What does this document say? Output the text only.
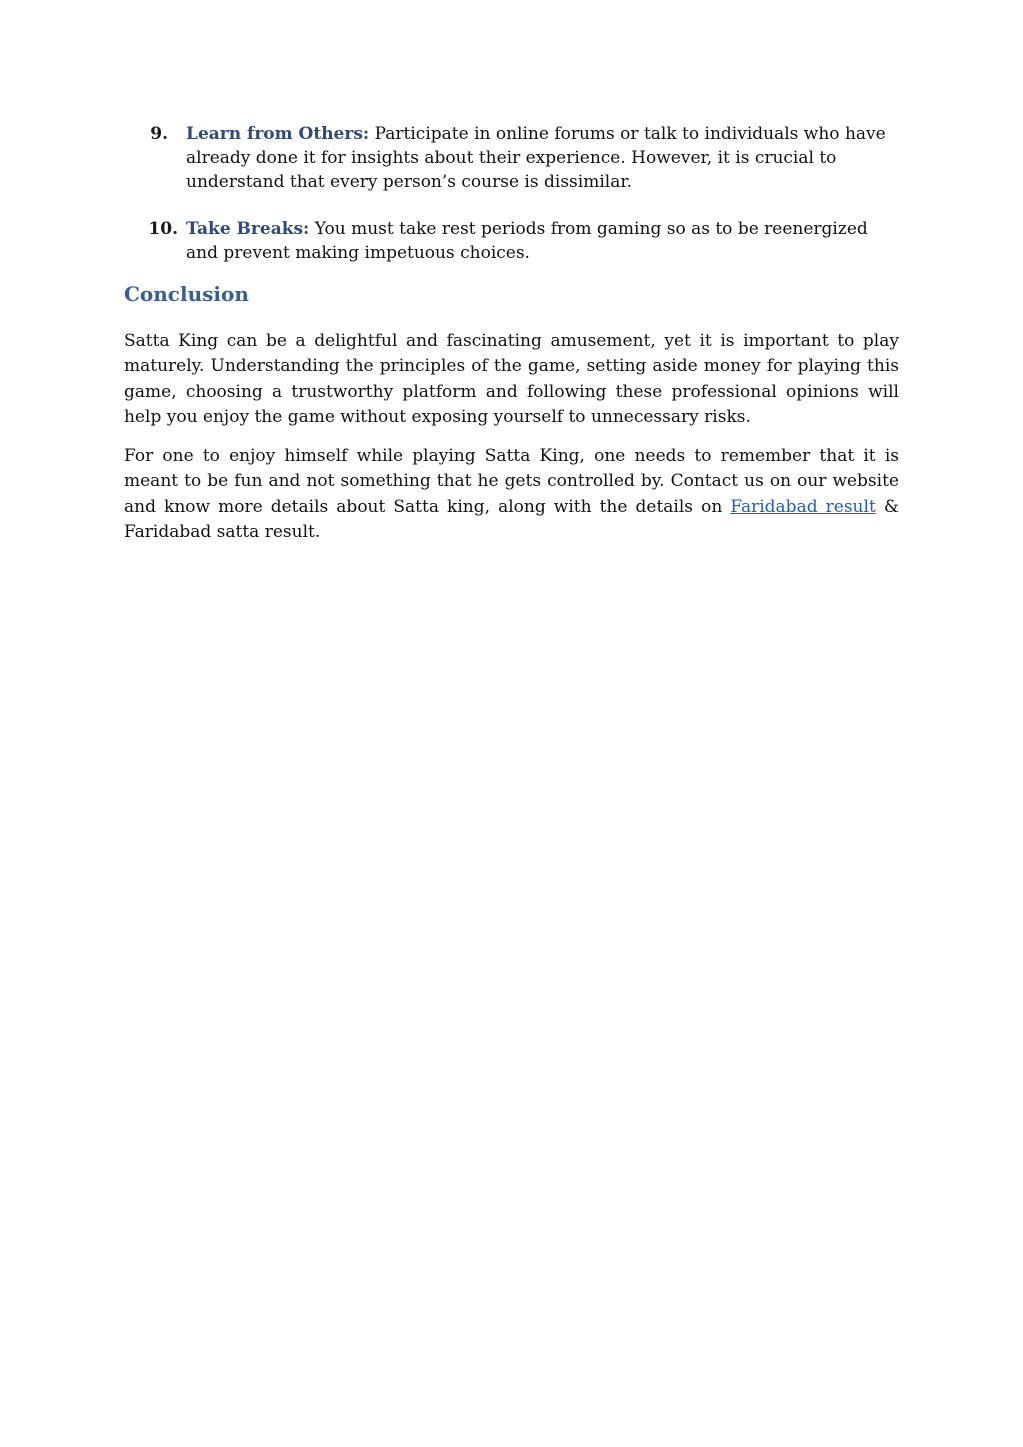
9.	Learn from Others: Participate in online forums or talk to individuals who have already done it for insights about their experience. However, it is crucial to understand that every person’s course is dissimilar.
10. Take Breaks: You must take rest periods from gaming so as to be reenergized and prevent making impetuous choices.
Conclusion

Satta King can be a delightful and fascinating amusement, yet it is important to play maturely. Understanding the principles of the game, setting aside money for playing this game, choosing a trustworthy platform and following these professional opinions will help you enjoy the game without exposing yourself to unnecessary risks.

For one to enjoy himself while playing Satta King, one needs to remember that it is meant to be fun and not something that he gets controlled by. Contact us on our website and know more details about Satta king, along with the details on Faridabad result & Faridabad satta result.
